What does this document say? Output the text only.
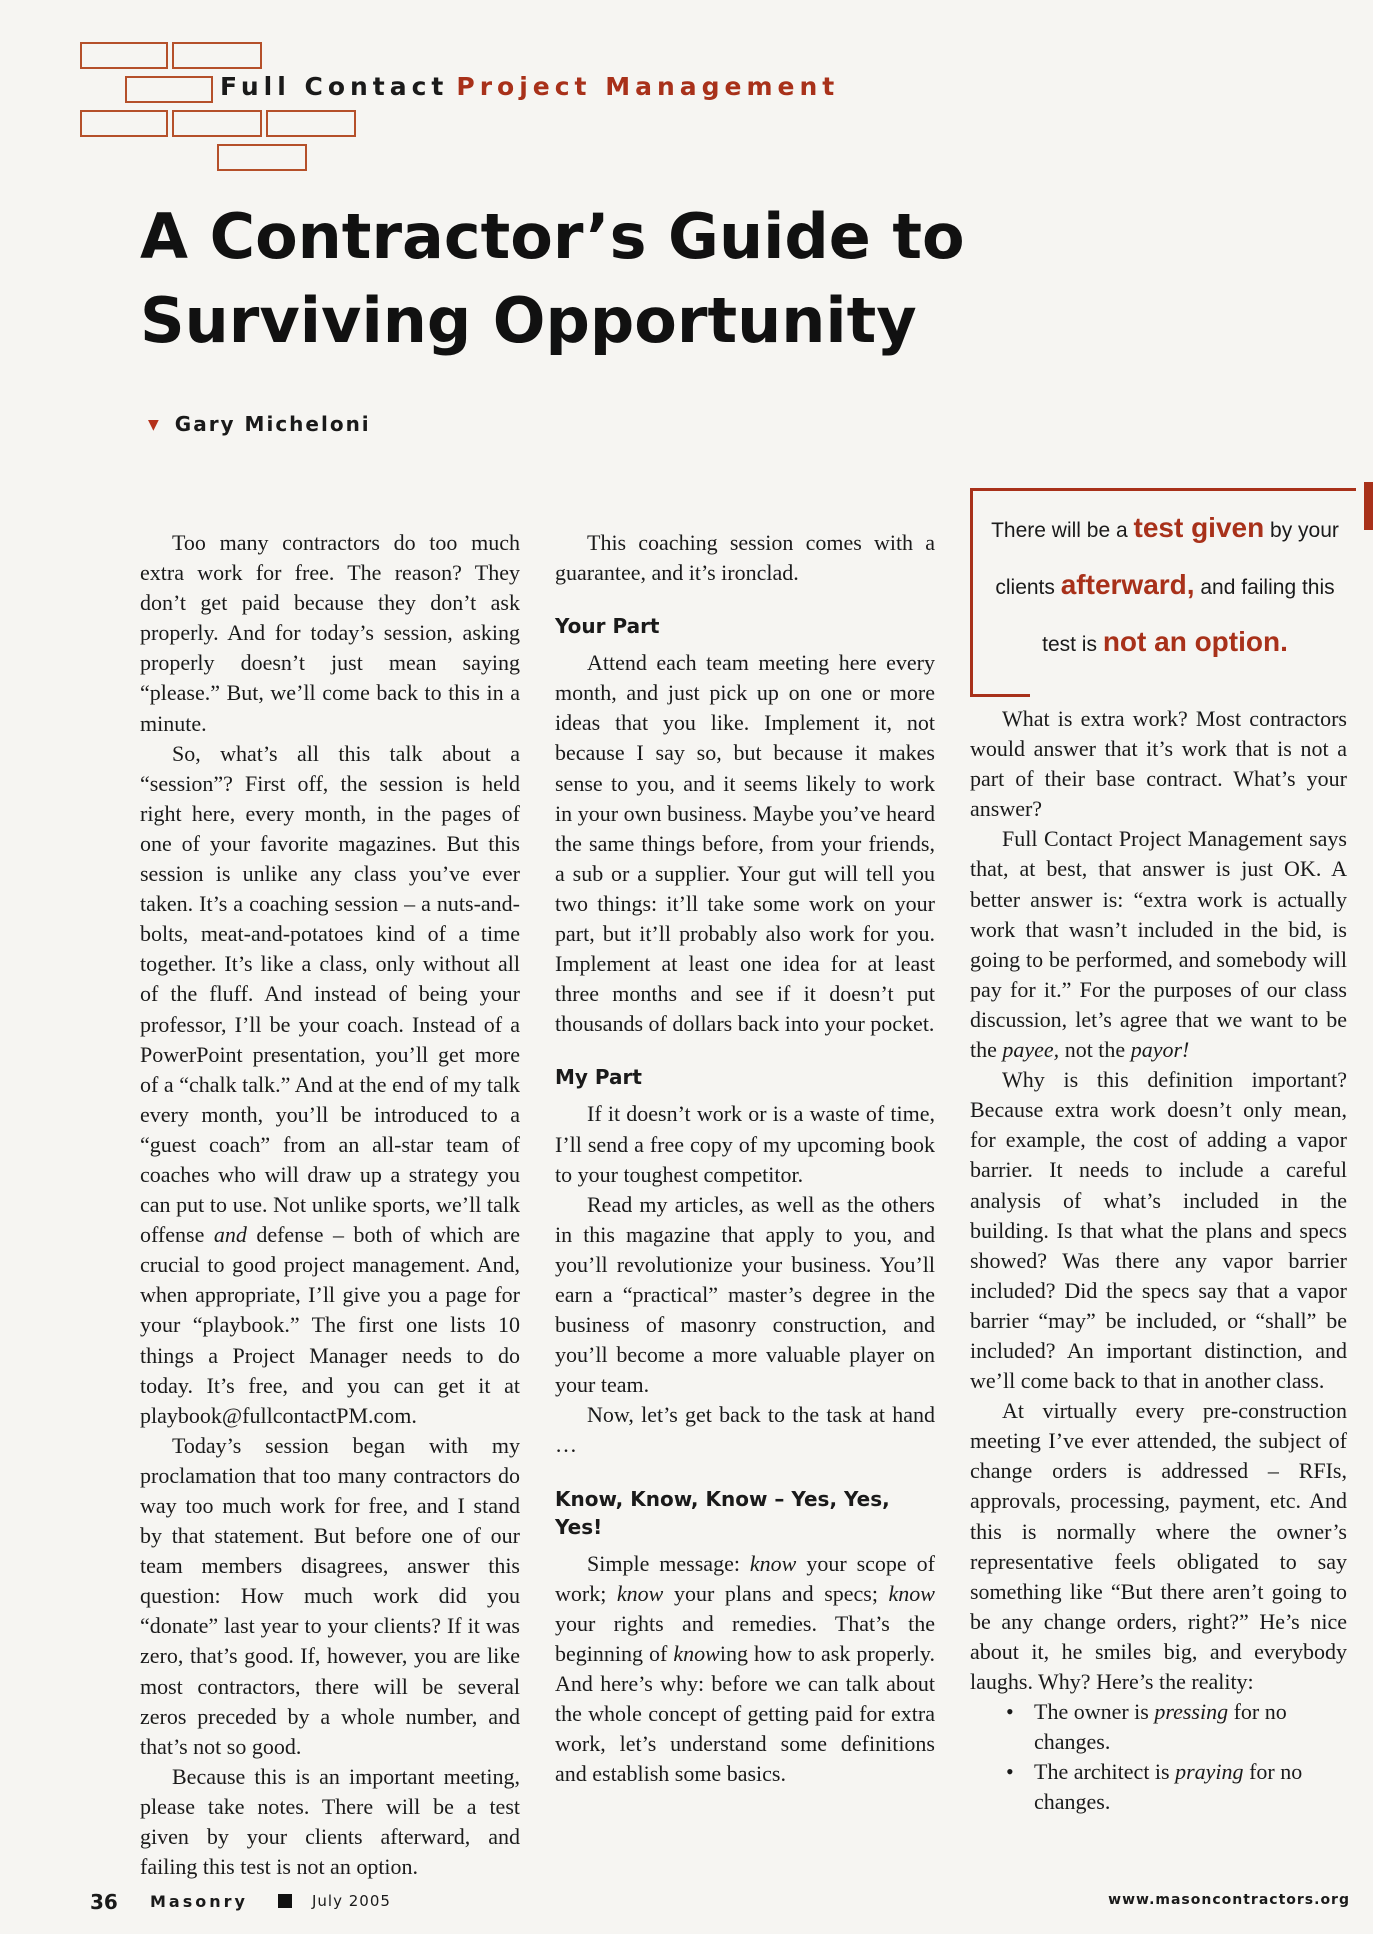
Full Contact Project Management
A Contractor’s Guide to
Surviving Opportunity
▼ Gary Micheloni

Too many contractors do too much extra work for free. The reason? They don’t get paid because they don’t ask properly. And for today’s session, asking properly doesn’t just mean saying “please.” But, we’ll come back to this in a minute.

So, what’s all this talk about a “session”? First off, the session is held right here, every month, in the pages of one of your favorite magazines. But this session is unlike any class you’ve ever taken. It’s a coaching session – a nuts-and-bolts, meat-and-potatoes kind of a time together. It’s like a class, only without all of the fluff. And instead of being your professor, I’ll be your coach. Instead of a PowerPoint presentation, you’ll get more of a “chalk talk.” And at the end of my talk every month, you’ll be introduced to a “guest coach” from an all-star team of coaches who will draw up a strategy you can put to use. Not unlike sports, we’ll talk offense and defense – both of which are crucial to good project management. And, when appropriate, I’ll give you a page for your “playbook.” The first one lists 10 things a Project Manager needs to do today. It’s free, and you can get it at playbook@fullcontactPM.com.

Today’s session began with my proclamation that too many contractors do way too much work for free, and I stand by that statement. But before one of our team members disagrees, answer this question: How much work did you “donate” last year to your clients? If it was zero, that’s good. If, however, you are like most contractors, there will be several zeros preceded by a whole number, and that’s not so good.

Because this is an important meeting, please take notes. There will be a test given by your clients afterward, and failing this test is not an option.

This coaching session comes with a guarantee, and it’s ironclad.

Your Part

Attend each team meeting here every month, and just pick up on one or more ideas that you like. Implement it, not because I say so, but because it makes sense to you, and it seems likely to work in your own business. Maybe you’ve heard the same things before, from your friends, a sub or a supplier. Your gut will tell you two things: it’ll take some work on your part, but it’ll probably also work for you. Implement at least one idea for at least three months and see if it doesn’t put thousands of dollars back into your pocket.

My Part

If it doesn’t work or is a waste of time, I’ll send a free copy of my upcoming book to your toughest competitor.

Read my articles, as well as the others in this magazine that apply to you, and you’ll revolutionize your business. You’ll earn a “practical” master’s degree in the business of masonry construction, and you’ll become a more valuable player on your team.

Now, let’s get back to the task at hand …

Know, Know, Know – Yes, Yes, Yes!

Simple message: know your scope of work; know your plans and specs; know your rights and remedies. That’s the beginning of knowing how to ask properly. And here’s why: before we can talk about the whole concept of getting paid for extra work, let’s understand some definitions and establish some basics.

There will be a test given by your clients afterward, and failing this test is not an option.

What is extra work? Most contractors would answer that it’s work that is not a part of their base contract. What’s your answer?

Full Contact Project Management says that, at best, that answer is just OK. A better answer is: “extra work is actually work that wasn’t included in the bid, is going to be performed, and somebody will pay for it.” For the purposes of our class discussion, let’s agree that we want to be the payee, not the payor!

Why is this definition important? Because extra work doesn’t only mean, for example, the cost of adding a vapor barrier. It needs to include a careful analysis of what’s included in the building. Is that what the plans and specs showed? Was there any vapor barrier included? Did the specs say that a vapor barrier “may” be included, or “shall” be included? An important distinction, and we’ll come back to that in another class.

At virtually every pre-construction meeting I’ve ever attended, the subject of change orders is addressed – RFIs, approvals, processing, payment, etc. And this is normally where the owner’s representative feels obligated to say something like “But there aren’t going to be any change orders, right?” He’s nice about it, he smiles big, and everybody laughs. Why? Here’s the reality:

• The owner is pressing for no changes.
• The architect is praying for no changes.
36 Masonry	July 2005	www.masoncontractors.org
